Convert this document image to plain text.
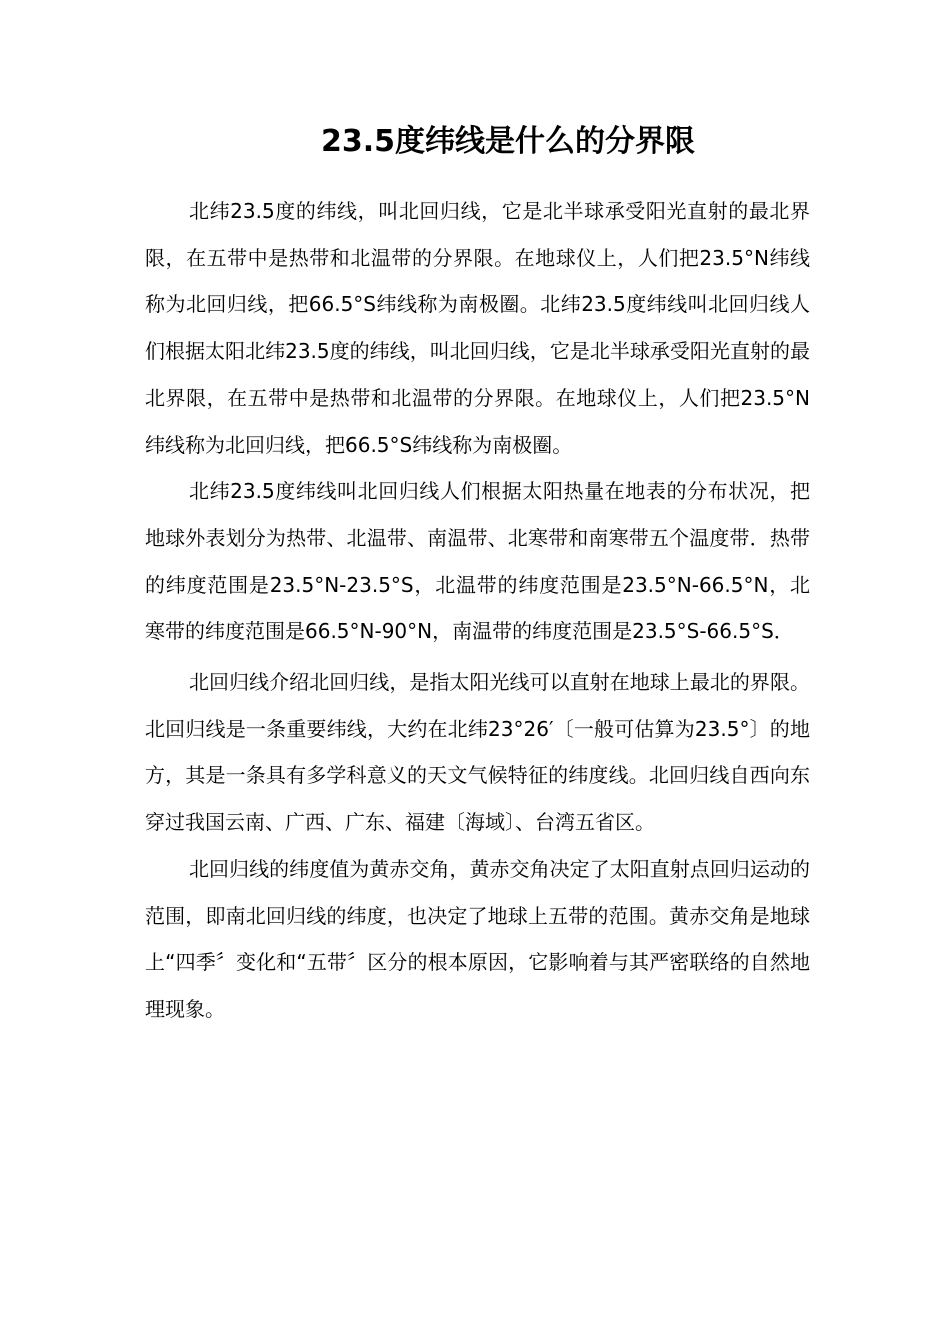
23.5度纬线是什么的分界限

北纬23.5度的纬线，叫北回归线，它是北半球承受阳光直射的最北界限，在五带中是热带和北温带的分界限。在地球仪上，人们把23.5°N纬线称为北回归线，把66.5°S纬线称为南极圈。北纬23.5度纬线叫北回归线人们根据太阳北纬23.5度的纬线，叫北回归线，它是北半球承受阳光直射的最北界限，在五带中是热带和北温带的分界限。在地球仪上，人们把23.5°N纬线称为北回归线，把66.5°S纬线称为南极圈。

北纬23.5度纬线叫北回归线人们根据太阳热量在地表的分布状况，把地球外表划分为热带、北温带、南温带、北寒带和南寒带五个温度带．热带的纬度范围是23.5°N-23.5°S，北温带的纬度范围是23.5°N-66.5°N，北寒带的纬度范围是66.5°N-90°N，南温带的纬度范围是23.5°S-66.5°S．

北回归线介绍北回归线，是指太阳光线可以直射在地球上最北的界限。北回归线是一条重要纬线，大约在北纬23°26′〔一般可估算为23.5°〕的地方，其是一条具有多学科意义的天文气候特征的纬度线。北回归线自西向东穿过我国云南、广西、广东、福建〔海域〕、台湾五省区。

北回归线的纬度值为黄赤交角，黄赤交角决定了太阳直射点回归运动的范围，即南北回归线的纬度，也决定了地球上五带的范围。黄赤交角是地球上“四季〞变化和“五带〞区分的根本原因，它影响着与其严密联络的自然地理现象。
